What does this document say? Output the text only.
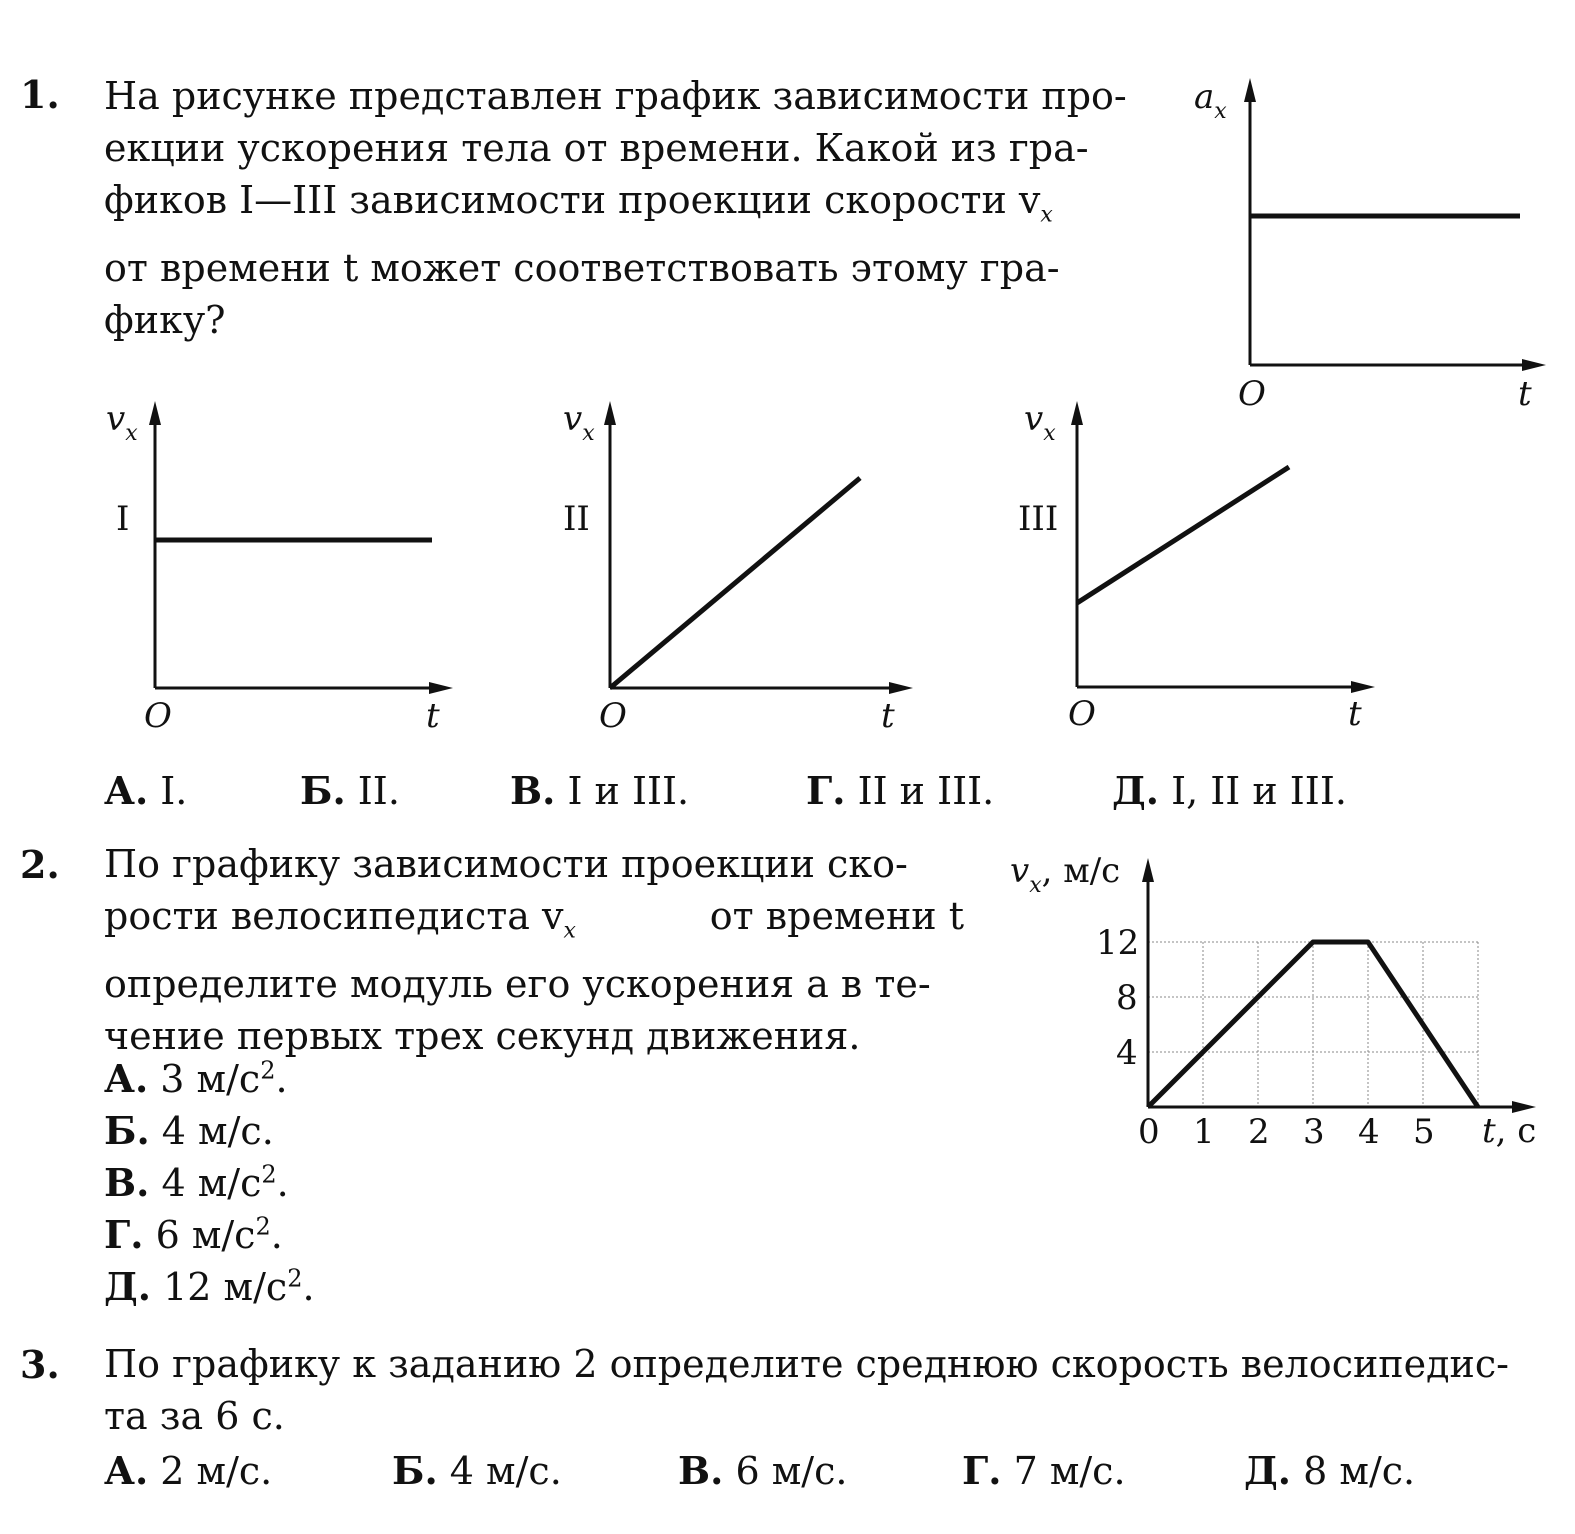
1. На рисунке представлен график зависимости про-
екции ускорения тела от времени. Какой из гра-
фиков I—III зависимости проекции скорости $v_x$
от времени t может соответствовать этому гра-
фику?
$a_x$
O	t
$v_x$
I
O	t
$v_x$
II
O	t
$v_x$
III
O	t
А. I.	Б. II.	В. I и III.	Г. II и III.	Д. I, II и III.
2. По графику зависимости проекции ско-
рости велосипедиста $v_x$	от времени t
определите модуль его ускорения a в те-
чение первых трех секунд движения.
А. 3 $м/с^2$.
Б. 4 м/с.
В. 4 $м/с^2$.
Г. 6 $м/с^2$.
Д. 12 $м/с^2$.
0 1 2 3 4 5
4
8
12
$v_x$, м/с
t, с
3. По графику к заданию 2 определите среднюю скорость велосипедис-
та за 6 с.
А. 2 м/с.	Б. 4 м/с.	В. 6 м/с.	Г. 7 м/с.	Д. 8 м/с.
